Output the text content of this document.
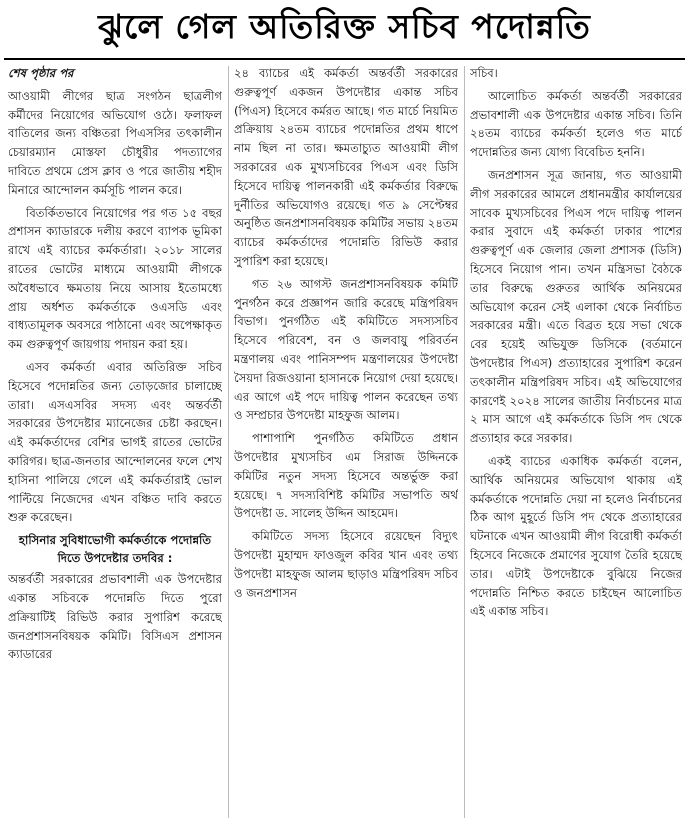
ঝুলে গেল অতিরিক্ত সচিব পদোন্নতি

শেষ পৃষ্ঠার পর

আওয়ামী লীগের ছাত্র সংগঠন ছাত্রলীগ কর্মীদের নিয়োগের অভিযোগ ওঠে। ফলাফল বাতিলের জন্য বঞ্চিতরা পিএসসির তৎকালীন চেয়ারম্যান মোস্তফা চৌধুরীর পদত্যাগের দাবিতে প্রথমে প্রেস ক্লাব ও পরে জাতীয় শহীদ মিনারে আন্দোলন কর্মসূচি পালন করে।

বিতর্কিতভাবে নিয়োগের পর গত ১৫ বছর প্রশাসন ক্যাডারকে দলীয় করণে ব্যাপক ভূমিকা রাখে এই ব্যাচের কর্মকর্তারা। ২০১৮ সালের রাতের ভোটের মাধ্যমে আওয়ামী লীগকে অবৈধভাবে ক্ষমতায় নিয়ে আসায় ইতোমধ্যে প্রায় অর্ধশত কর্মকর্তাকে ওএসডি এবং বাধ্যতামূলক অবসরে পাঠানো এবং অপেক্ষাকৃত কম গুরুত্বপূর্ণ জায়গায় পদায়ন করা হয়।

এসব কর্মকর্তা এবার অতিরিক্ত সচিব হিসেবে পদোন্নতির জন্য তোড়জোর চালাচ্ছে তারা। এসএসবির সদস্য এবং অন্তর্বর্তী সরকারের উপদেষ্টার ম্যানেজের চেষ্টা করছেন। এই কর্মকর্তাদের বেশির ভাগই রাতের ভোটের কারিগর। ছাত্র-জনতার আন্দোলনের ফলে শেখ হাসিনা পালিয়ে গেলে এই কর্মকর্তারাই ভোল পাল্টিয়ে নিজেদের এখন বঞ্চিত দাবি করতে শুরু করেছেন।

হাসিনার সুবিধাভোগী কর্মকর্তাকে পদোন্নতি দিতে উপদেষ্টার তদবির :

অন্তর্বর্তী সরকারের প্রভাবশালী এক উপদেষ্টার একান্ত সচিবকে পদোন্নতি দিতে পুরো প্রক্রিয়াটিই রিভিউ করার সুপারিশ করেছে জনপ্রশাসনবিষয়ক কমিটি। বিসিএস প্রশাসন ক্যাডারের

২৪ ব্যাচের এই কর্মকর্তা অন্তর্বর্তী সরকারের গুরুত্বপূর্ণ একজন উপদেষ্টার একান্ত সচিব (পিএস) হিসেবে কর্মরত আছে। গত মার্চে নিয়মিত প্রক্রিয়ায় ২৪তম ব্যাচের পদোন্নতির প্রথম ধাপে নাম ছিল না তার। ক্ষমতাচ্যুত আওয়ামী লীগ সরকারের এক মুখ্যসচিবের পিএস এবং ডিসি হিসেবে দায়িত্ব পালনকারী এই কর্মকর্তার বিরুদ্ধে দুর্নীতির অভিযোগও রয়েছে। গত ৯ সেপ্টেম্বর অনুষ্ঠিত জনপ্রশাসনবিষয়ক কমিটির সভায় ২৪তম ব্যাচের কর্মকর্তাদের পদোন্নতি রিভিউ করার সুপারিশ করা হয়েছে।

গত ২৬ আগস্ট জনপ্রশাসনবিষয়ক কমিটি পুনর্গঠন করে প্রজ্ঞাপন জারি করেছে মন্ত্রিপরিষদ বিভাগ। পুনর্গঠিত এই কমিটিতে সদস্যসচিব হিসেবে পরিবেশ, বন ও জলবায়ু পরিবর্তন মন্ত্রণালয় এবং পানিসম্পদ মন্ত্রণালয়ের উপদেষ্টা সৈয়দা রিজওয়ানা হাসানকে নিয়োগ দেয়া হয়েছে। এর আগে এই পদে দায়িত্ব পালন করেছেন তথ্য ও সম্প্রচার উপদেষ্টা মাহফুজ আলম।

পাশাপাশি পুনর্গঠিত কমিটিতে প্রধান উপদেষ্টার মুখ্যসচিব এম সিরাজ উদ্দিনকে কমিটির নতুন সদস্য হিসেবে অন্তর্ভুক্ত করা হয়েছে। ৭ সদস্যবিশিষ্ট কমিটির সভাপতি অর্থ উপদেষ্টা ড. সালেহ উদ্দিন আহমেদ।

কমিটিতে সদস্য হিসেবে রয়েছেন বিদ্যুৎ উপদেষ্টা মুহাম্মদ ফাওজুল কবির খান এবং তথ্য উপদেষ্টা মাহফুজ আলম ছাড়াও মন্ত্রিপরিষদ সচিব ও জনপ্রশাসন

সচিব।

আলোচিত কর্মকর্তা অন্তর্বর্তী সরকারের প্রভাবশালী এক উপদেষ্টার একান্ত সচিব। তিনি ২৪তম ব্যাচের কর্মকর্তা হলেও গত মার্চে পদোন্নতির জন্য যোগ্য বিবেচিত হননি।

জনপ্রশাসন সূত্র জানায়, গত আওয়ামী লীগ সরকারের আমলে প্রধানমন্ত্রীর কার্যালয়ের সাবেক মুখ্যসচিবের পিএস পদে দায়িত্ব পালন করার সুবাদে এই কর্মকর্তা ঢাকার পাশের গুরুত্বপূর্ণ এক জেলার জেলা প্রশাসক (ডিসি) হিসেবে নিয়োগ পান। তখন মন্ত্রিসভা বৈঠকে তার বিরুদ্ধে গুরুতর আর্থিক অনিয়মের অভিযোগ করেন সেই এলাকা থেকে নির্বাচিত সরকারের মন্ত্রী। এতে বিব্রত হয়ে সভা থেকে বের হয়েই অভিযুক্ত ডিসিকে (বর্তমানে উপদেষ্টার পিএস) প্রত্যাহারের সুপারিশ করেন তৎকালীন মন্ত্রিপরিষদ সচিব। এই অভিযোগের কারণেই ২০২৪ সালের জাতীয় নির্বাচনের মাত্র ২ মাস আগে এই কর্মকর্তাকে ডিসি পদ থেকে প্রত্যাহার করে সরকার।

একই ব্যাচের একাধিক কর্মকর্তা বলেন, আর্থিক অনিয়মের অভিযোগ থাকায় এই কর্মকর্তাকে পদোন্নতি দেয়া না হলেও নির্বাচনের ঠিক আগ মুহূর্তে ডিসি পদ থেকে প্রত্যাহারের ঘটনাকে এখন আওয়ামী লীগ বিরোধী কর্মকর্তা হিসেবে নিজেকে প্রমাণের সুযোগ তৈরি হয়েছে তার। এটাই উপদেষ্টাকে বুঝিয়ে নিজের পদোন্নতি নিশ্চিত করতে চাইছেন আলোচিত এই একান্ত সচিব।
